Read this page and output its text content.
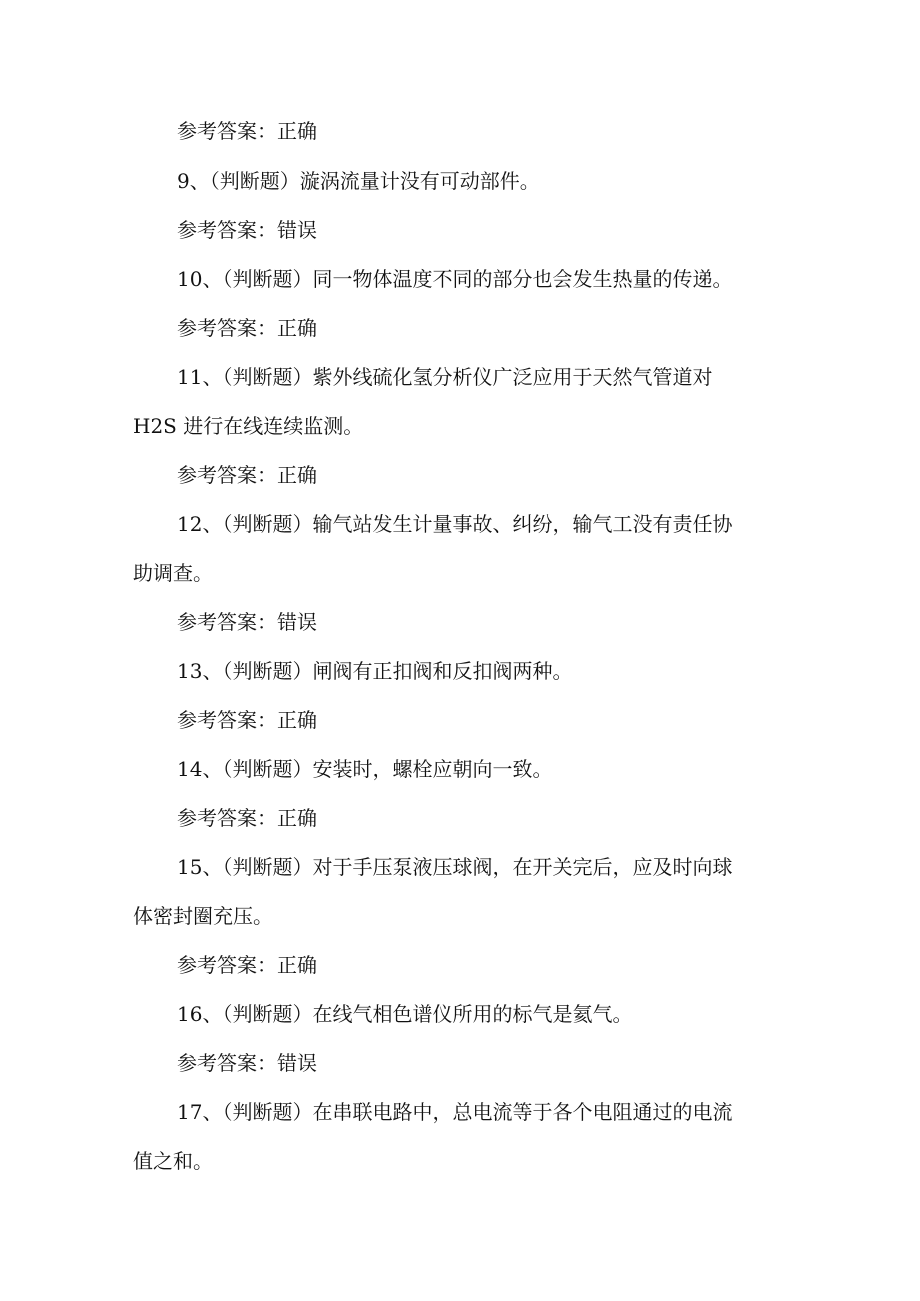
参考答案：正确
9、（判断题）漩涡流量计没有可动部件。
参考答案：错误
10、（判断题）同一物体温度不同的部分也会发生热量的传递。
参考答案：正确
11、（判断题）紫外线硫化氢分析仪广泛应用于天然气管道对
H2S 进行在线连续监测。
参考答案：正确
12、（判断题）输气站发生计量事故、纠纷，输气工没有责任协
助调查。
参考答案：错误
13、（判断题）闸阀有正扣阀和反扣阀两种。
参考答案：正确
14、（判断题）安装时，螺栓应朝向一致。
参考答案：正确
15、（判断题）对于手压泵液压球阀，在开关完后，应及时向球
体密封圈充压。
参考答案：正确
16、（判断题）在线气相色谱仪所用的标气是氦气。
参考答案：错误
17、（判断题）在串联电路中，总电流等于各个电阻通过的电流
值之和。
